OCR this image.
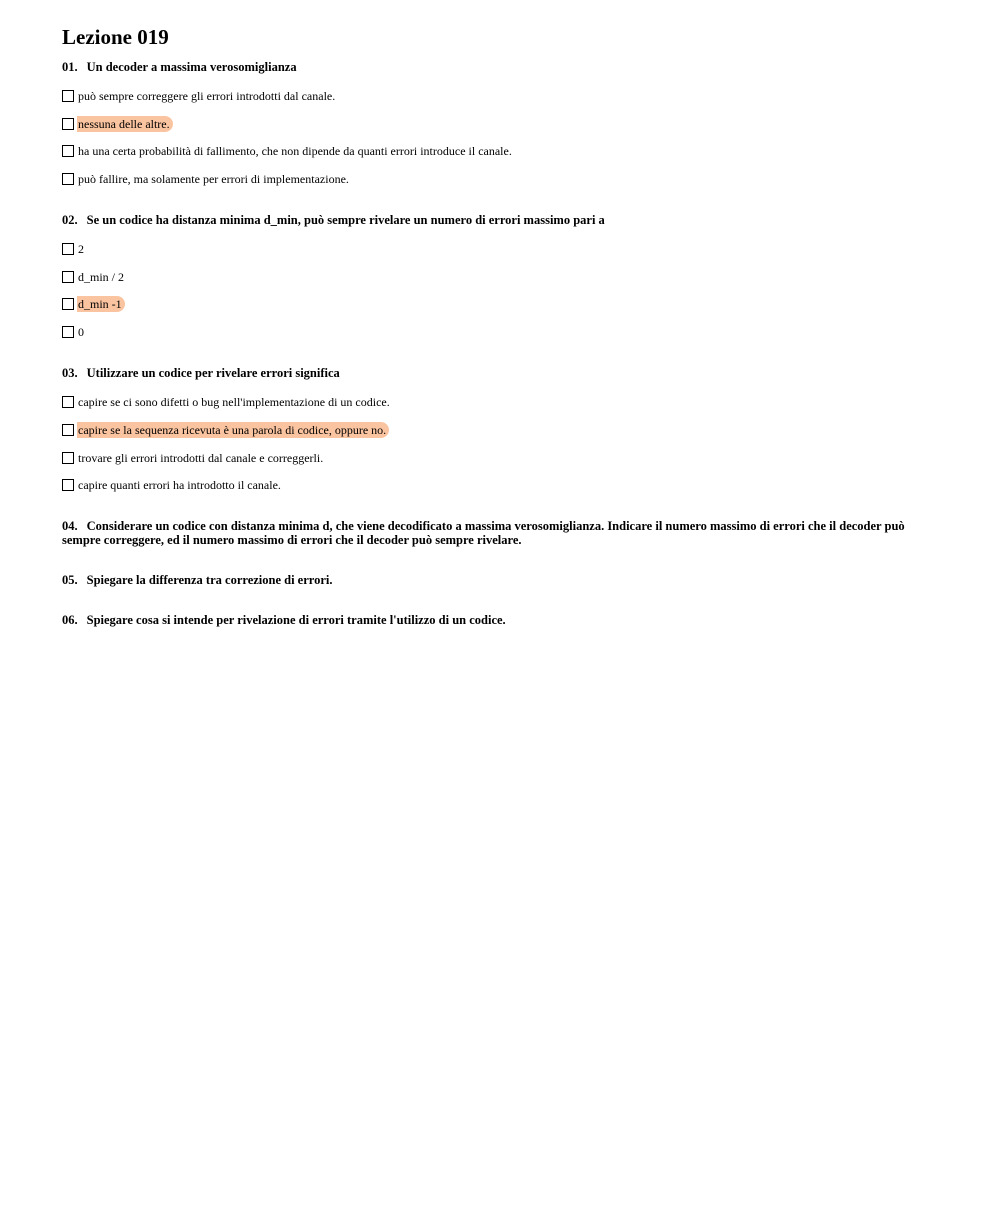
Lezione 019
01. Un decoder a massima verosomiglianza
può sempre correggere gli errori introdotti dal canale.
nessuna delle altre.
ha una certa probabilità di fallimento, che non dipende da quanti errori introduce il canale.
può fallire, ma solamente per errori di implementazione.
02. Se un codice ha distanza minima d_min, può sempre rivelare un numero di errori massimo pari a
2
d_min / 2
d_min -1
0
03. Utilizzare un codice per rivelare errori significa
capire se ci sono difetti o bug nell'implementazione di un codice.
capire se la sequenza ricevuta è una parola di codice, oppure no.
trovare gli errori introdotti dal canale e correggerli.
capire quanti errori ha introdotto il canale.
04. Considerare un codice con distanza minima d, che viene decodificato a massima verosomiglianza. Indicare il numero massimo di errori che il decoder può sempre correggere, ed il numero massimo di errori che il decoder può sempre rivelare.
05. Spiegare la differenza tra correzione di errori.
06. Spiegare cosa si intende per rivelazione di errori tramite l'utilizzo di un codice.
